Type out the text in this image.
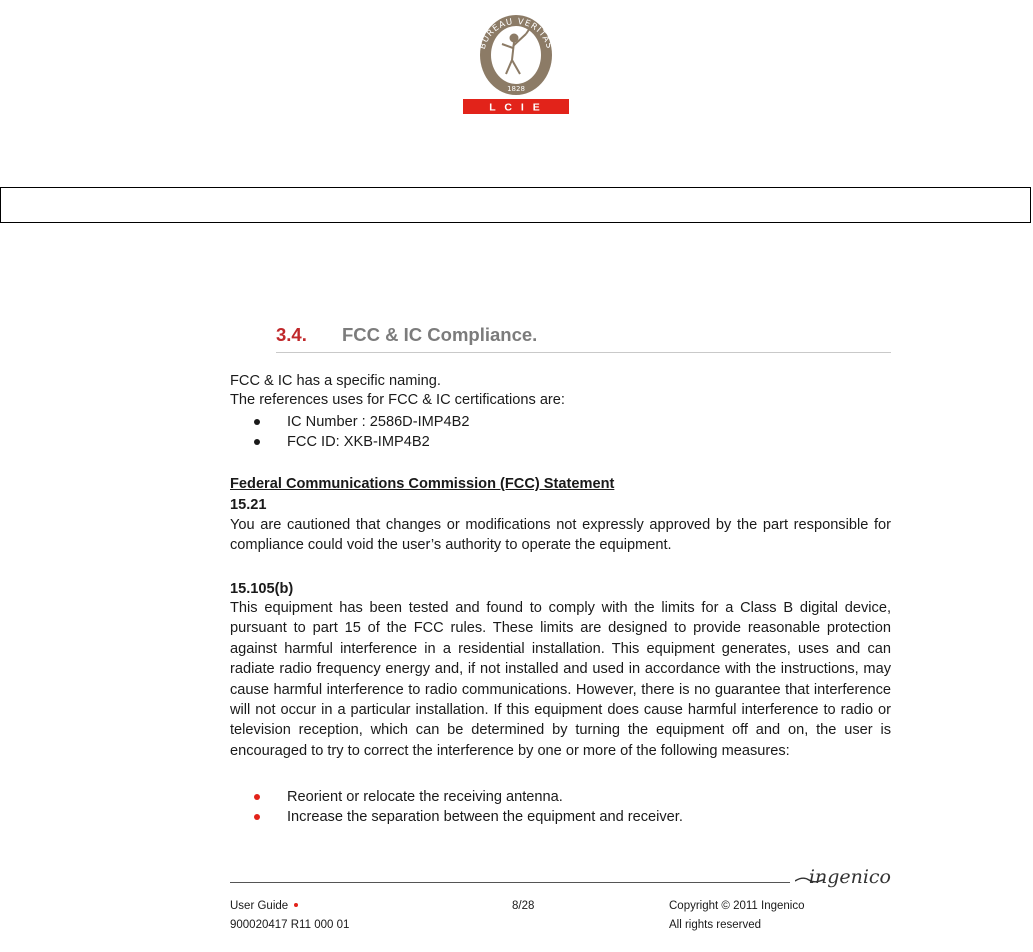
BUREAU VERITAS
1828
L C I E
3.4. FCC & IC Compliance.

FCC & IC has a specific naming.

The references uses for FCC & IC certifications are:

IC Number : 2586D-IMP4B2
FCC ID: XKB-IMP4B2

Federal Communications Commission (FCC) Statement

15.21

You are cautioned that changes or modifications not expressly approved by the part responsible for compliance could void the user’s authority to operate the equipment.

15.105(b)

This equipment has been tested and found to comply with the limits for a Class B digital device, pursuant to part 15 of the FCC rules. These limits are designed to provide reasonable protection against harmful interference in a residential installation. This equipment generates, uses and can radiate radio frequency energy and, if not installed and used in accordance with the instructions, may cause harmful interference to radio communications. However, there is no guarantee that interference will not occur in a particular installation. If this equipment does cause harmful interference to radio or television reception, which can be determined by turning the equipment off and on, the user is encouraged to try to correct the interference by one or more of the following measures:

Reorient or relocate the receiving antenna.
Increase the separation between the equipment and receiver.
ingenico
User Guide
900020417 R11 000 01
8/28	Copyright © 2011 Ingenico
All rights reserved
